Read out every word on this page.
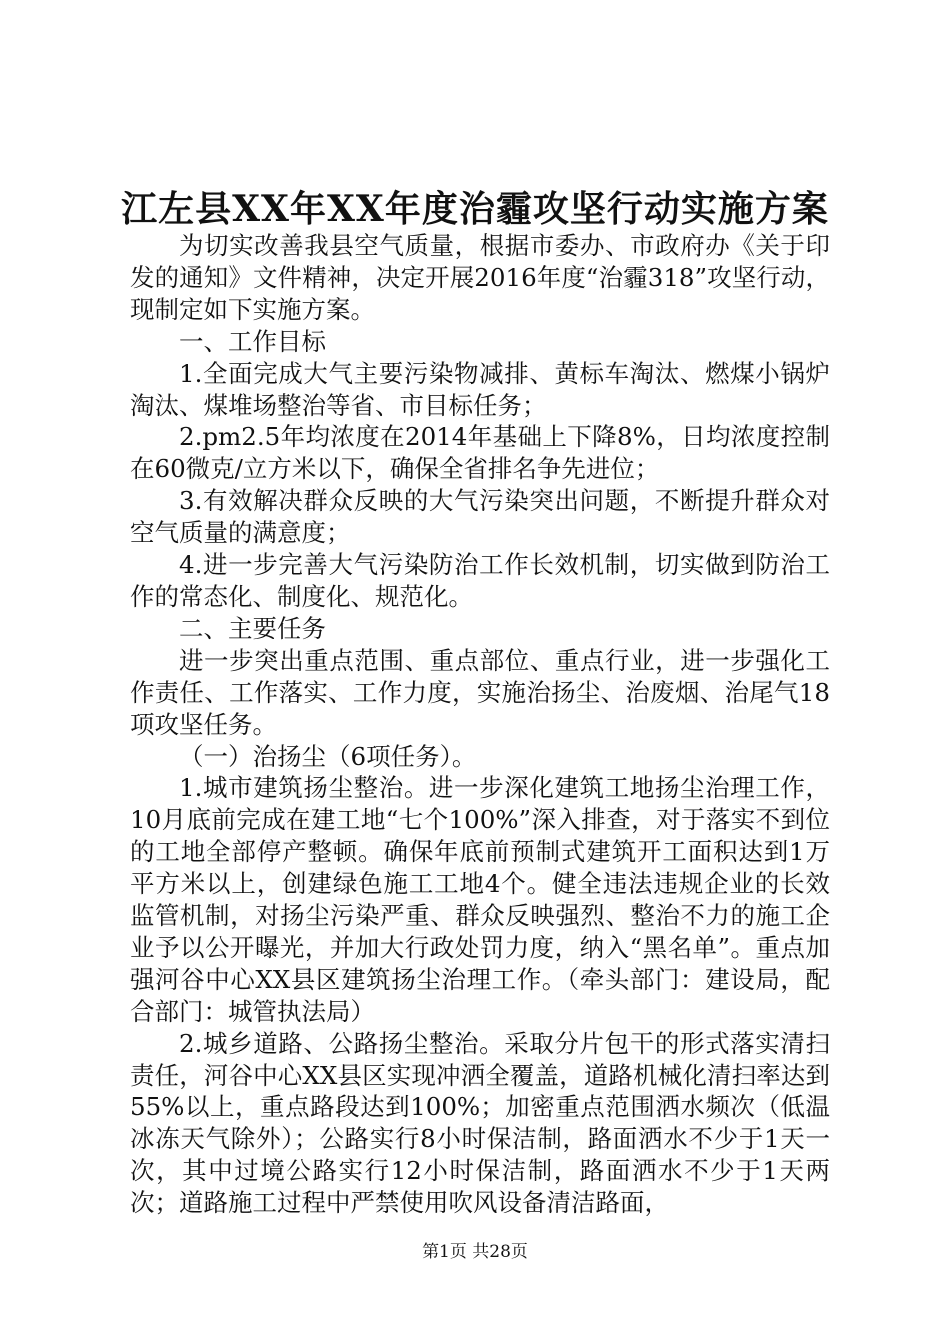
江左县XX年XX年度治霾攻坚行动实施方案

为切实改善我县空气质量，根据市委办、市政府办《关于印发的通知》文件精神，决定开展2016年度“治霾318”攻坚行动，现制定如下实施方案。

一、工作目标

1.全面完成大气主要污染物减排、黄标车淘汰、燃煤小锅炉淘汰、煤堆场整治等省、市目标任务；

2.pm2.5年均浓度在2014年基础上下降8%，日均浓度控制在60微克/立方米以下，确保全省排名争先进位；

3.有效解决群众反映的大气污染突出问题，不断提升群众对空气质量的满意度；

4.进一步完善大气污染防治工作长效机制，切实做到防治工作的常态化、制度化、规范化。

二、主要任务

进一步突出重点范围、重点部位、重点行业，进一步强化工作责任、工作落实、工作力度，实施治扬尘、治废烟、治尾气18项攻坚任务。

（一）治扬尘（6项任务）。

1.城市建筑扬尘整治。进一步深化建筑工地扬尘治理工作，10月底前完成在建工地“七个100%”深入排查，对于落实不到位的工地全部停产整顿。确保年底前预制式建筑开工面积达到1万平方米以上，创建绿色施工工地4个。健全违法违规企业的长效监管机制，对扬尘污染严重、群众反映强烈、整治不力的施工企业予以公开曝光，并加大行政处罚力度，纳入“黑名单”。重点加强河谷中心XX县区建筑扬尘治理工作。（牵头部门：建设局，配合部门：城管执法局）

2.城乡道路、公路扬尘整治。采取分片包干的形式落实清扫责任，河谷中心XX县区实现冲洒全覆盖，道路机械化清扫率达到55%以上，重点路段达到100%；加密重点范围洒水频次（低温冰冻天气除外）；公路实行8小时保洁制，路面洒水不少于1天一次，其中过境公路实行12小时保洁制，路面洒水不少于1天两次；道路施工过程中严禁使用吹风设备清洁路面，

第1页 共28页
